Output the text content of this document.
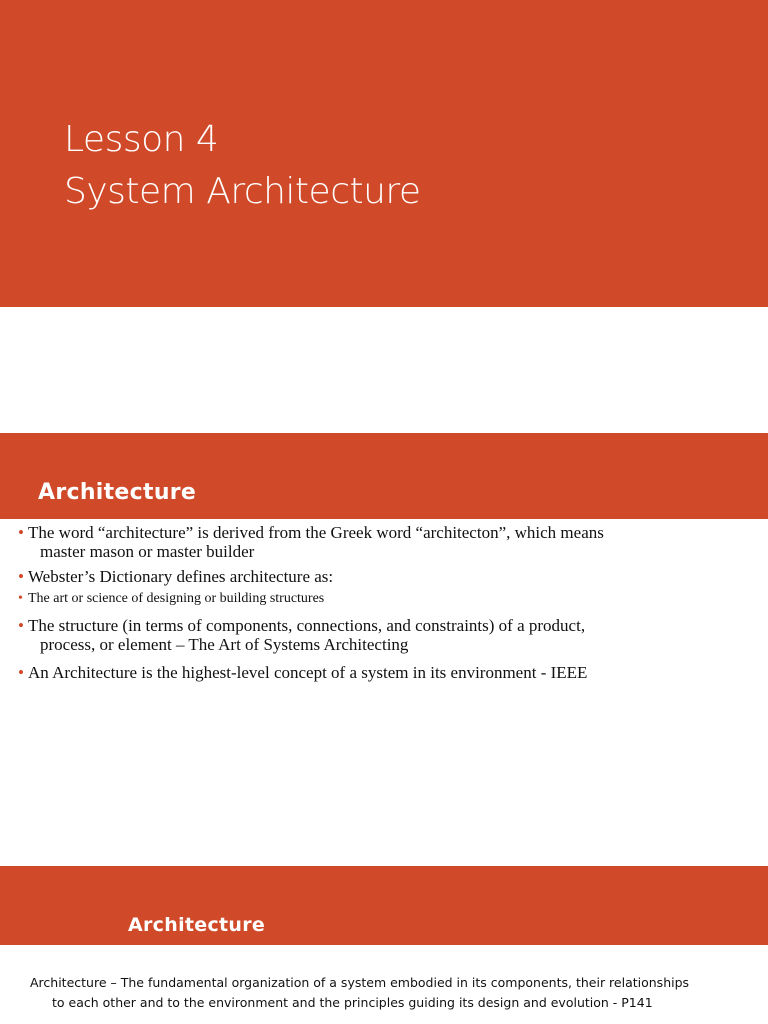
Lesson 4
System Architecture
Architecture
• The word “architecture” is derived from the Greek word “architecton”, which means
master mason or master builder
• Webster’s Dictionary defines architecture as:
• The art or science of designing or building structures
• The structure (in terms of components, connections, and constraints) of a product,
process, or element – The Art of Systems Architecting
• An Architecture is the highest-level concept of a system in its environment - IEEE
Architecture

Architecture – The fundamental organization of a system embodied in its components, their relationships
to each other and to the environment and the principles guiding its design and evolution - P141
